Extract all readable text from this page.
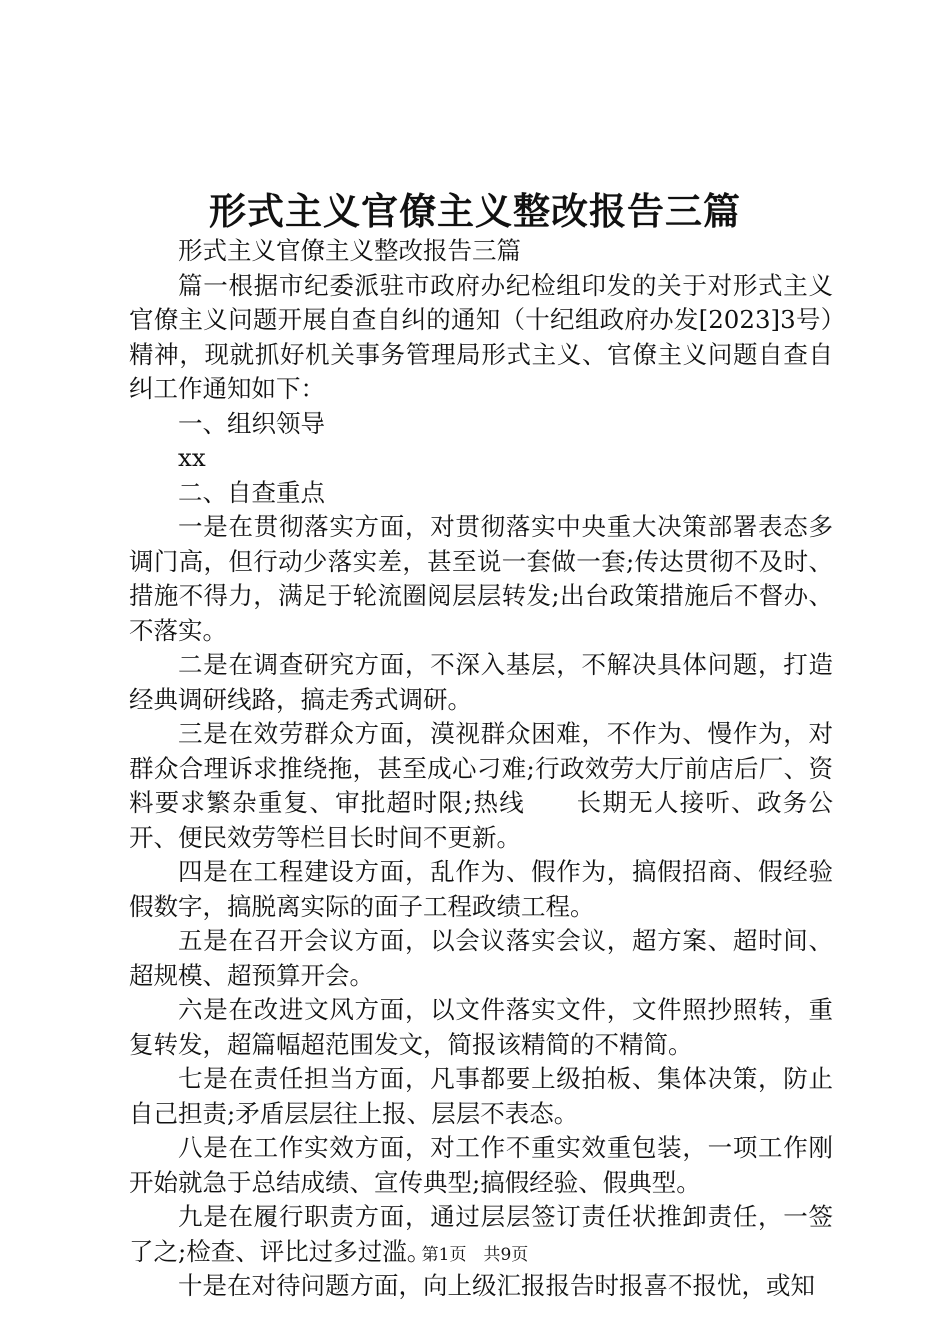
形式主义官僚主义整改报告三篇

形式主义官僚主义整改报告三篇

篇一根据市纪委派驻市政府办纪检组印发的关于对形式主义官僚主义问题开展自查自纠的通知（十纪组政府办发[2023]3号）精神，现就抓好机关事务管理局形式主义、官僚主义问题自查自纠工作通知如下：

一、组织领导

xx

二、自查重点

一是在贯彻落实方面，对贯彻落实中央重大决策部署表态多调门高，但行动少落实差，甚至说一套做一套;传达贯彻不及时、措施不得力，满足于轮流圈阅层层转发;出台政策措施后不督办、不落实。

二是在调查研究方面，不深入基层，不解决具体问题，打造经典调研线路，搞走秀式调研。

三是在效劳群众方面，漠视群众困难，不作为、慢作为，对群众合理诉求推绕拖，甚至成心刁难;行政效劳大厅前店后厂、资料要求繁杂重复、审批超时限;热线　　长期无人接听、政务公开、便民效劳等栏目长时间不更新。

四是在工程建设方面，乱作为、假作为，搞假招商、假经验假数字，搞脱离实际的面子工程政绩工程。

五是在召开会议方面，以会议落实会议，超方案、超时间、超规模、超预算开会。

六是在改进文风方面，以文件落实文件，文件照抄照转，重复转发，超篇幅超范围发文，简报该精简的不精简。

七是在责任担当方面，凡事都要上级拍板、集体决策，防止自己担责;矛盾层层往上报、层层不表态。

八是在工作实效方面，对工作不重实效重包装，一项工作刚开始就急于总结成绩、宣传典型;搞假经验、假典型。

九是在履行职责方面，通过层层签订责任状推卸责任，一签了之;检查、评比过多过滥。

十是在对待问题方面，向上级汇报报告时报喜不报忧，或知

第1页　共9页
